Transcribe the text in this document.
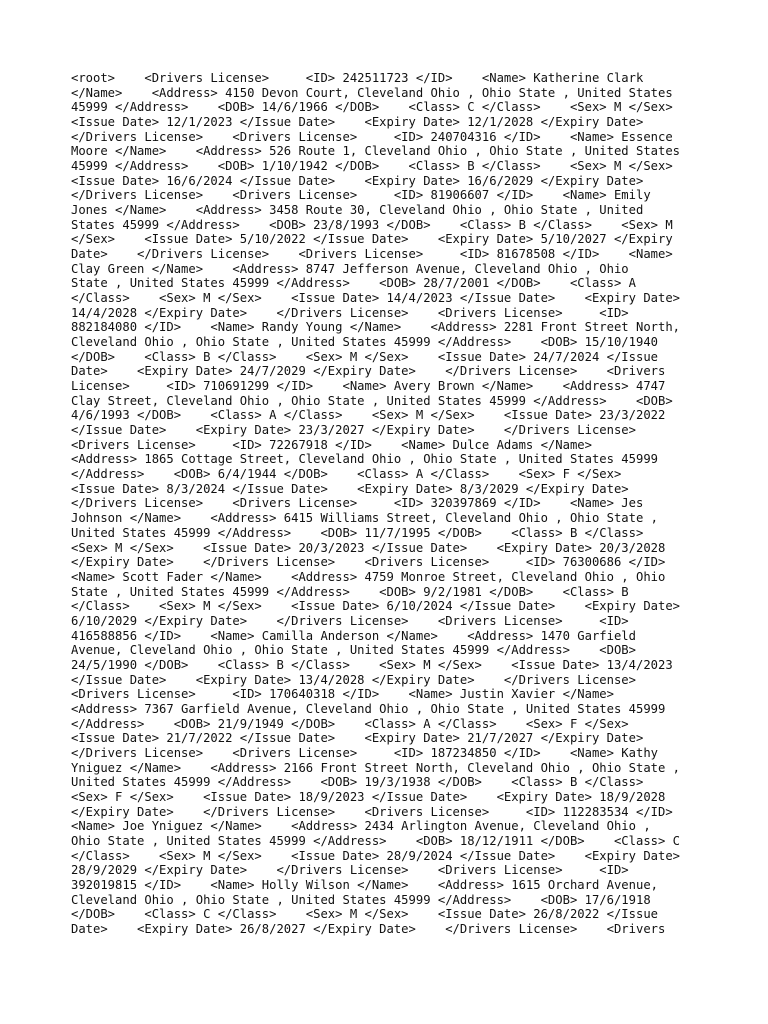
<root>    <Drivers License>     <ID> 242511723 </ID>    <Name> Katherine Clark
</Name>    <Address> 4150 Devon Court, Cleveland Ohio , Ohio State , United States
45999 </Address>    <DOB> 14/6/1966 </DOB>    <Class> C </Class>    <Sex> M </Sex>
<Issue Date> 12/1/2023 </Issue Date>    <Expiry Date> 12/1/2028 </Expiry Date>
</Drivers License>    <Drivers License>     <ID> 240704316 </ID>    <Name> Essence
Moore </Name>    <Address> 526 Route 1, Cleveland Ohio , Ohio State , United States
45999 </Address>    <DOB> 1/10/1942 </DOB>    <Class> B </Class>    <Sex> M </Sex>
<Issue Date> 16/6/2024 </Issue Date>    <Expiry Date> 16/6/2029 </Expiry Date>
</Drivers License>    <Drivers License>     <ID> 81906607 </ID>    <Name> Emily
Jones </Name>    <Address> 3458 Route 30, Cleveland Ohio , Ohio State , United
States 45999 </Address>    <DOB> 23/8/1993 </DOB>    <Class> B </Class>    <Sex> M
</Sex>    <Issue Date> 5/10/2022 </Issue Date>    <Expiry Date> 5/10/2027 </Expiry
Date>    </Drivers License>    <Drivers License>     <ID> 81678508 </ID>    <Name>
Clay Green </Name>    <Address> 8747 Jefferson Avenue, Cleveland Ohio , Ohio
State , United States 45999 </Address>    <DOB> 28/7/2001 </DOB>    <Class> A
</Class>    <Sex> M </Sex>    <Issue Date> 14/4/2023 </Issue Date>    <Expiry Date>
14/4/2028 </Expiry Date>    </Drivers License>    <Drivers License>     <ID>
882184080 </ID>    <Name> Randy Young </Name>    <Address> 2281 Front Street North,
Cleveland Ohio , Ohio State , United States 45999 </Address>    <DOB> 15/10/1940
</DOB>    <Class> B </Class>    <Sex> M </Sex>    <Issue Date> 24/7/2024 </Issue
Date>    <Expiry Date> 24/7/2029 </Expiry Date>    </Drivers License>    <Drivers
License>     <ID> 710691299 </ID>    <Name> Avery Brown </Name>    <Address> 4747
Clay Street, Cleveland Ohio , Ohio State , United States 45999 </Address>    <DOB>
4/6/1993 </DOB>    <Class> A </Class>    <Sex> M </Sex>    <Issue Date> 23/3/2022
</Issue Date>    <Expiry Date> 23/3/2027 </Expiry Date>    </Drivers License>
<Drivers License>     <ID> 72267918 </ID>    <Name> Dulce Adams </Name>
<Address> 1865 Cottage Street, Cleveland Ohio , Ohio State , United States 45999
</Address>    <DOB> 6/4/1944 </DOB>    <Class> A </Class>    <Sex> F </Sex>
<Issue Date> 8/3/2024 </Issue Date>    <Expiry Date> 8/3/2029 </Expiry Date>
</Drivers License>    <Drivers License>     <ID> 320397869 </ID>    <Name> Jes
Johnson </Name>    <Address> 6415 Williams Street, Cleveland Ohio , Ohio State ,
United States 45999 </Address>    <DOB> 11/7/1995 </DOB>    <Class> B </Class>
<Sex> M </Sex>    <Issue Date> 20/3/2023 </Issue Date>    <Expiry Date> 20/3/2028
</Expiry Date>    </Drivers License>    <Drivers License>     <ID> 76300686 </ID>
<Name> Scott Fader </Name>    <Address> 4759 Monroe Street, Cleveland Ohio , Ohio
State , United States 45999 </Address>    <DOB> 9/2/1981 </DOB>    <Class> B
</Class>    <Sex> M </Sex>    <Issue Date> 6/10/2024 </Issue Date>    <Expiry Date>
6/10/2029 </Expiry Date>    </Drivers License>    <Drivers License>     <ID>
416588856 </ID>    <Name> Camilla Anderson </Name>    <Address> 1470 Garfield
Avenue, Cleveland Ohio , Ohio State , United States 45999 </Address>    <DOB>
24/5/1990 </DOB>    <Class> B </Class>    <Sex> M </Sex>    <Issue Date> 13/4/2023
</Issue Date>    <Expiry Date> 13/4/2028 </Expiry Date>    </Drivers License>
<Drivers License>     <ID> 170640318 </ID>    <Name> Justin Xavier </Name>
<Address> 7367 Garfield Avenue, Cleveland Ohio , Ohio State , United States 45999
</Address>    <DOB> 21/9/1949 </DOB>    <Class> A </Class>    <Sex> F </Sex>
<Issue Date> 21/7/2022 </Issue Date>    <Expiry Date> 21/7/2027 </Expiry Date>
</Drivers License>    <Drivers License>     <ID> 187234850 </ID>    <Name> Kathy
Yniguez </Name>    <Address> 2166 Front Street North, Cleveland Ohio , Ohio State ,
United States 45999 </Address>    <DOB> 19/3/1938 </DOB>    <Class> B </Class>
<Sex> F </Sex>    <Issue Date> 18/9/2023 </Issue Date>    <Expiry Date> 18/9/2028
</Expiry Date>    </Drivers License>    <Drivers License>     <ID> 112283534 </ID>
<Name> Joe Yniguez </Name>    <Address> 2434 Arlington Avenue, Cleveland Ohio ,
Ohio State , United States 45999 </Address>    <DOB> 18/12/1911 </DOB>    <Class> C
</Class>    <Sex> M </Sex>    <Issue Date> 28/9/2024 </Issue Date>    <Expiry Date>
28/9/2029 </Expiry Date>    </Drivers License>    <Drivers License>     <ID>
392019815 </ID>    <Name> Holly Wilson </Name>    <Address> 1615 Orchard Avenue,
Cleveland Ohio , Ohio State , United States 45999 </Address>    <DOB> 17/6/1918
</DOB>    <Class> C </Class>    <Sex> M </Sex>    <Issue Date> 26/8/2022 </Issue
Date>    <Expiry Date> 26/8/2027 </Expiry Date>    </Drivers License>    <Drivers
